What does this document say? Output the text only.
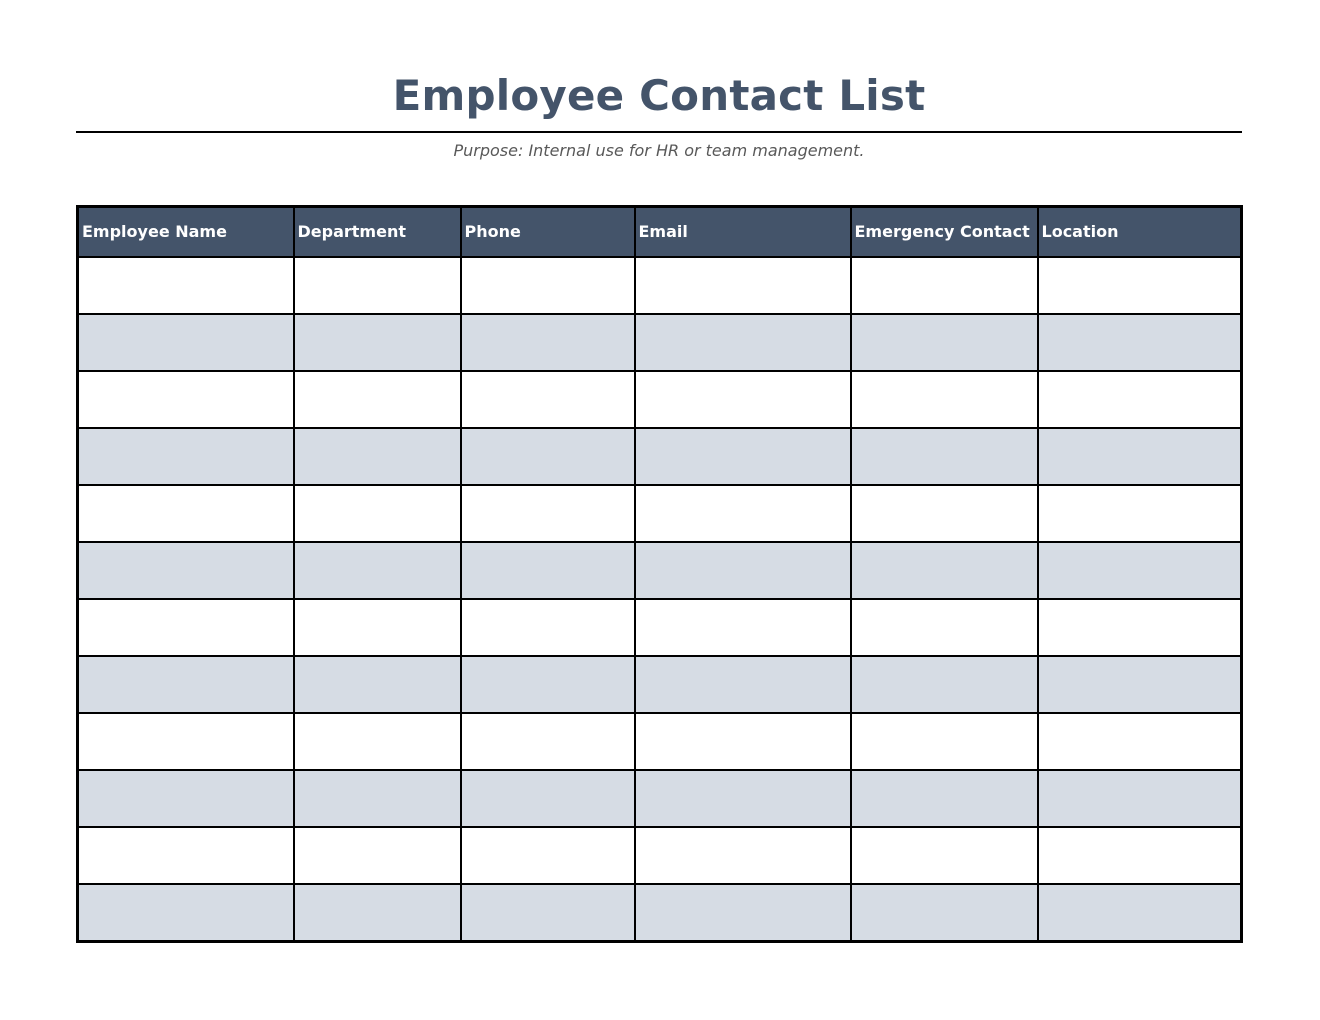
Employee Contact List
Purpose: Internal use for HR or team management.
Employee Name	Department	Phone	Email	Emergency Contact	Location
